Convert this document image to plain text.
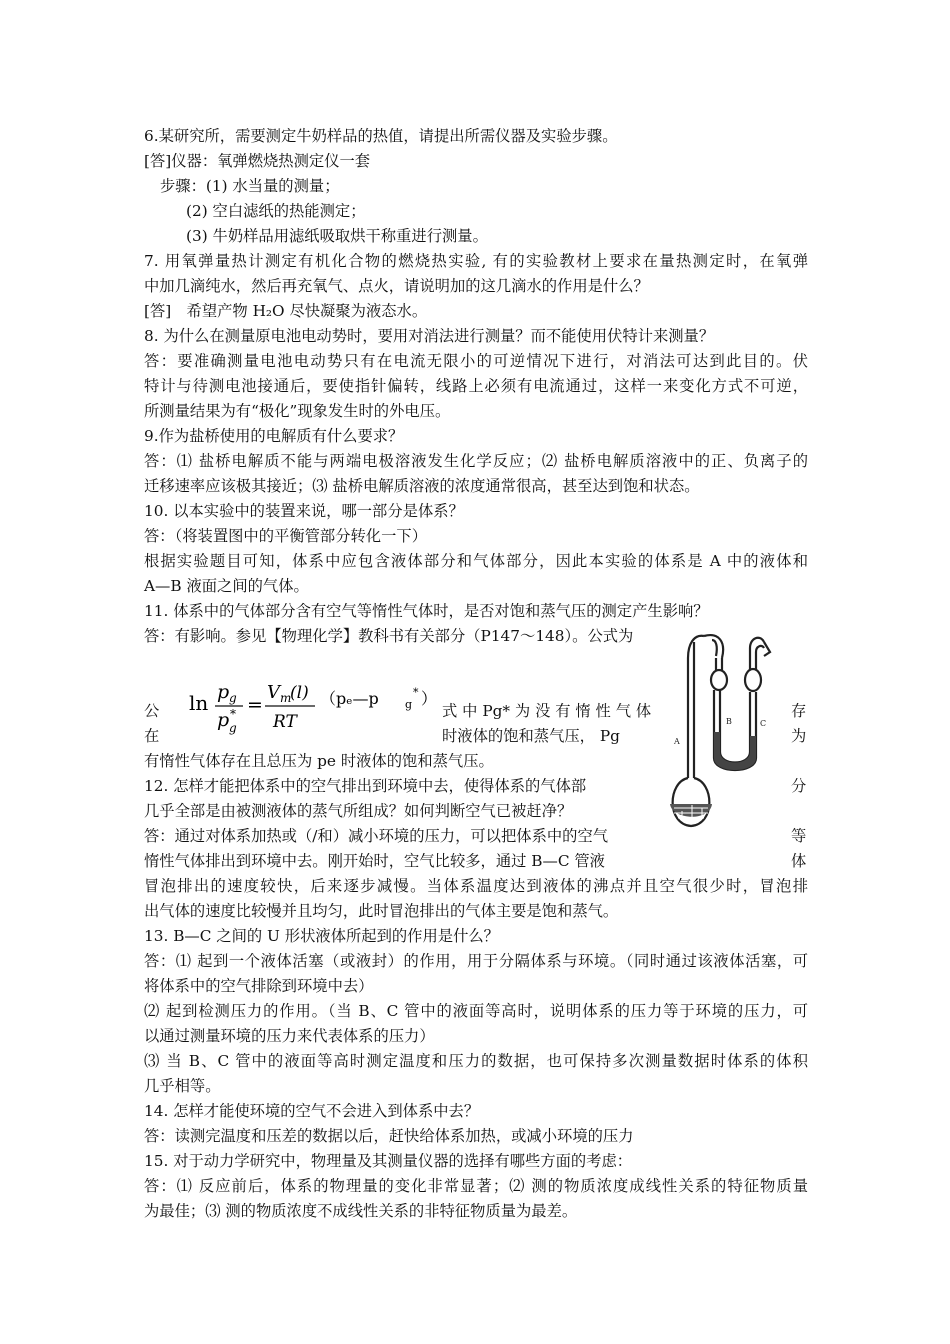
6.某研究所，需要测定牛奶样品的热值，请提出所需仪器及实验步骤。
[答]仪器：氧弹燃烧热测定仪一套
步骤：(1) 水当量的测量；
(2) 空白滤纸的热能测定；
(3) 牛奶样品用滤纸吸取烘干称重进行测量。
7. 用氧弹量热计测定有机化合物的燃烧热实验, 有的实验教材上要求在量热测定时，在氧弹
中加几滴纯水，然后再充氧气、点火，请说明加的这几滴水的作用是什么？
[答]　希望产物 H₂O 尽快凝聚为液态水。
8. 为什么在测量原电池电动势时，要用对消法进行测量？而不能使用伏特计来测量？
答：要准确测量电池电动势只有在电流无限小的可逆情况下进行，对消法可达到此目的。伏
特计与待测电池接通后，要使指针偏转，线路上必须有电流通过，这样一来变化方式不可逆，
所测量结果为有“极化”现象发生时的外电压。
9.作为盐桥使用的电解质有什么要求？
答：⑴ 盐桥电解质不能与两端电极溶液发生化学反应；⑵ 盐桥电解质溶液中的正、负离子的
迁移速率应该极其接近；⑶ 盐桥电解质溶液的浓度通常很高，甚至达到饱和状态。
10. 以本实验中的装置来说，哪一部分是体系？
答：（将装置图中的平衡管部分转化一下）
根据实验题目可知，体系中应包含液体部分和气体部分，因此本实验的体系是 A 中的液体和
A—B 液面之间的气体。
11. 体系中的气体部分含有空气等惰性气体时，是否对饱和蒸气压的测定产生影响？
答：有影响。参见【物理化学】教科书有关部分（P147～148）。公式为
ln p g
p g
* =
V m
(l)
RT
（pₑ—p g
* ）
公	式 中 Pg* 为 没 有 惰 性 气 体	存
在	时液体的饱和蒸气压， Pg	为
有惰性气体存在且总压为 pe 时液体的饱和蒸气压。
12. 怎样才能把体系中的空气排出到环境中去，使得体系的气体部	分
几乎全部是由被测液体的蒸气所组成？如何判断空气已被赶净？
答：通过对体系加热或（/和）减小环境的压力，可以把体系中的空气	等
惰性气体排出到环境中去。刚开始时，空气比较多，通过 B—C 管液	体
A
B	C
冒泡排出的速度较快，后来逐步减慢。当体系温度达到液体的沸点并且空气很少时，冒泡排
出气体的速度比较慢并且均匀，此时冒泡排出的气体主要是饱和蒸气。
13. B—C 之间的 U 形状液体所起到的作用是什么？
答：⑴ 起到一个液体活塞（或液封）的作用，用于分隔体系与环境。（同时通过该液体活塞，可
将体系中的空气排除到环境中去）
⑵ 起到检测压力的作用。（当 B、C 管中的液面等高时，说明体系的压力等于环境的压力，可
以通过测量环境的压力来代表体系的压力）
⑶ 当 B、C 管中的液面等高时测定温度和压力的数据，也可保持多次测量数据时体系的体积
几乎相等。
14. 怎样才能使环境的空气不会进入到体系中去？
答：读测完温度和压差的数据以后，赶快给体系加热，或减小环境的压力
15. 对于动力学研究中，物理量及其测量仪器的选择有哪些方面的考虑：
答：⑴ 反应前后，体系的物理量的变化非常显著；⑵ 测的物质浓度成线性关系的特征物质量
为最佳；⑶ 测的物质浓度不成线性关系的非特征物质量为最差。
